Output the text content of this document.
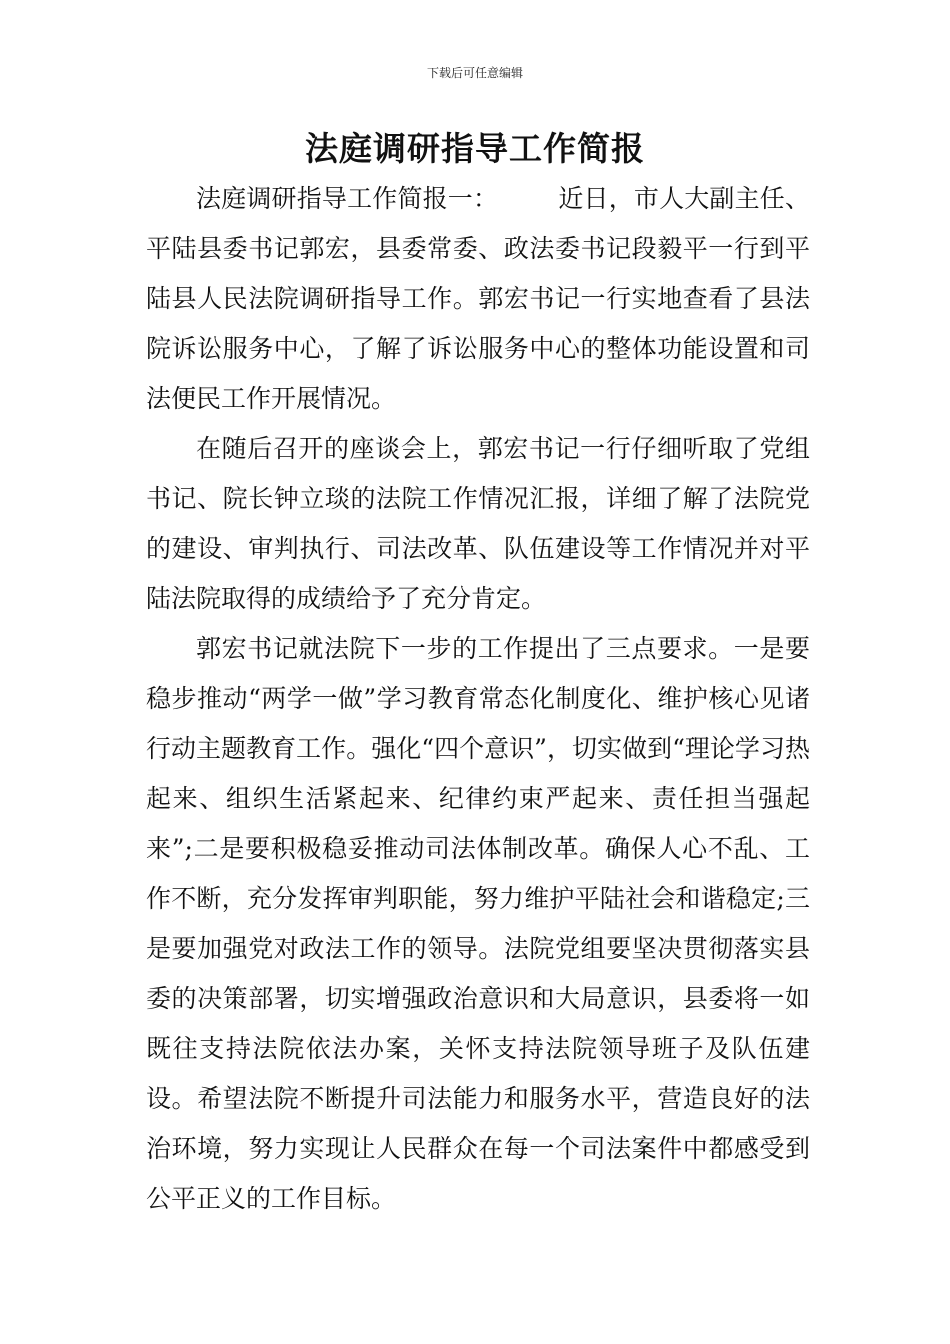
下载后可任意编辑
法庭调研指导工作简报

法庭调研指导工作简报一： 近日，市人大副主任、平陆县委书记郭宏，县委常委、政法委书记段毅平一行到平陆县人民法院调研指导工作。郭宏书记一行实地查看了县法院诉讼服务中心，了解了诉讼服务中心的整体功能设置和司法便民工作开展情况。

在随后召开的座谈会上，郭宏书记一行仔细听取了党组书记、院长钟立琰的法院工作情况汇报，详细了解了法院党的建设、审判执行、司法改革、队伍建设等工作情况并对平陆法院取得的成绩给予了充分肯定。

郭宏书记就法院下一步的工作提出了三点要求。一是要稳步推动“两学一做”学习教育常态化制度化、维护核心见诸行动主题教育工作。强化“四个意识”，切实做到“理论学习热起来、组织生活紧起来、纪律约束严起来、责任担当强起来”;二是要积极稳妥推动司法体制改革。确保人心不乱、工作不断，充分发挥审判职能，努力维护平陆社会和谐稳定;三是要加强党对政法工作的领导。法院党组要坚决贯彻落实县委的决策部署，切实增强政治意识和大局意识，县委将一如既往支持法院依法办案，关怀支持法院领导班子及队伍建设。希望法院不断提升司法能力和服务水平，营造良好的法治环境，努力实现让人民群众在每一个司法案件中都感受到公平正义的工作目标。
